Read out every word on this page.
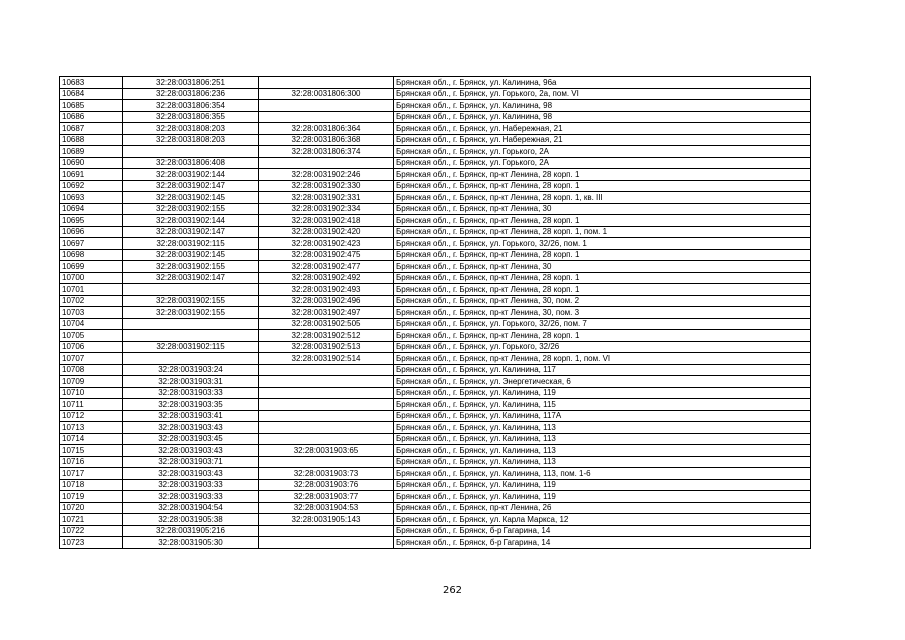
10683	32:28:0031806:251		Брянская обл., г. Брянск, ул. Калинина, 96а
10684	32:28:0031806:236	32:28:0031806:300	Брянская обл., г. Брянск, ул. Горького, 2а, пом. VI
10685	32:28:0031806:354		Брянская обл., г. Брянск, ул. Калинина, 98
10686	32:28:0031806:355		Брянская обл., г. Брянск, ул. Калинина, 98
10687	32:28:0031808:203	32:28:0031806:364	Брянская обл., г. Брянск, ул. Набережная, 21
10688	32:28:0031808:203	32:28:0031806:368	Брянская обл., г. Брянск, ул. Набережная, 21
10689		32:28:0031806:374	Брянская обл., г. Брянск, ул. Горького, 2А
10690	32:28:0031806:408		Брянская обл., г. Брянск, ул. Горького, 2А
10691	32:28:0031902:144	32:28:0031902:246	Брянская обл., г. Брянск, пр-кт Ленина, 28 корп. 1
10692	32:28:0031902:147	32:28:0031902:330	Брянская обл., г. Брянск, пр-кт Ленина, 28 корп. 1
10693	32:28:0031902:145	32:28:0031902:331	Брянская обл., г. Брянск, пр-кт Ленина, 28 корп. 1, кв. III
10694	32:28:0031902:155	32:28:0031902:334	Брянская обл., г. Брянск, пр-кт Ленина, 30
10695	32:28:0031902:144	32:28:0031902:418	Брянская обл., г. Брянск, пр-кт Ленина, 28 корп. 1
10696	32:28:0031902:147	32:28:0031902:420	Брянская обл., г. Брянск, пр-кт Ленина, 28 корп. 1, пом. 1
10697	32:28:0031902:115	32:28:0031902:423	Брянская обл., г. Брянск, ул. Горького, 32/26, пом. 1
10698	32:28:0031902:145	32:28:0031902:475	Брянская обл., г. Брянск, пр-кт Ленина, 28 корп. 1
10699	32:28:0031902:155	32:28:0031902:477	Брянская обл., г. Брянск, пр-кт Ленина, 30
10700	32:28:0031902:147	32:28:0031902:492	Брянская обл., г. Брянск, пр-кт Ленина, 28 корп. 1
10701		32:28:0031902:493	Брянская обл., г. Брянск, пр-кт Ленина, 28 корп. 1
10702	32:28:0031902:155	32:28:0031902:496	Брянская обл., г. Брянск, пр-кт Ленина, 30, пом. 2
10703	32:28:0031902:155	32:28:0031902:497	Брянская обл., г. Брянск, пр-кт Ленина, 30, пом. 3
10704		32:28:0031902:505	Брянская обл., г. Брянск, ул. Горького, 32/26, пом. 7
10705		32:28:0031902:512	Брянская обл., г. Брянск, пр-кт Ленина, 28 корп. 1
10706	32:28:0031902:115	32:28:0031902:513	Брянская обл., г. Брянск, ул. Горького, 32/26
10707		32:28:0031902:514	Брянская обл., г. Брянск, пр-кт Ленина, 28 корп. 1, пом. VI
10708	32:28:0031903:24		Брянская обл., г. Брянск, ул. Калинина, 117
10709	32:28:0031903:31		Брянская обл., г. Брянск, ул. Энергетическая, 6
10710	32:28:0031903:33		Брянская обл., г. Брянск, ул. Калинина, 119
10711	32:28:0031903:35		Брянская обл., г. Брянск, ул. Калинина, 115
10712	32:28:0031903:41		Брянская обл., г. Брянск, ул. Калинина, 117А
10713	32:28:0031903:43		Брянская обл., г. Брянск, ул. Калинина, 113
10714	32:28:0031903:45		Брянская обл., г. Брянск, ул. Калинина, 113
10715	32:28:0031903:43	32:28:0031903:65	Брянская обл., г. Брянск, ул. Калинина, 113
10716	32:28:0031903:71		Брянская обл., г. Брянск, ул. Калинина, 113
10717	32:28:0031903:43	32:28:0031903:73	Брянская обл., г. Брянск, ул. Калинина, 113, пом. 1-6
10718	32:28:0031903:33	32:28:0031903:76	Брянская обл., г. Брянск, ул. Калинина, 119
10719	32:28:0031903:33	32:28:0031903:77	Брянская обл., г. Брянск, ул. Калинина, 119
10720	32:28:0031904:54	32:28:0031904:53	Брянская обл., г. Брянск, пр-кт Ленина, 26
10721	32:28:0031905:38	32:28:0031905:143	Брянская обл., г. Брянск, ул. Карла Маркса, 12
10722	32:28:0031905:216		Брянская обл., г. Брянск, б-р Гагарина, 14
10723	32:28:0031905:30		Брянская обл., г. Брянск, б-р Гагарина, 14
262
